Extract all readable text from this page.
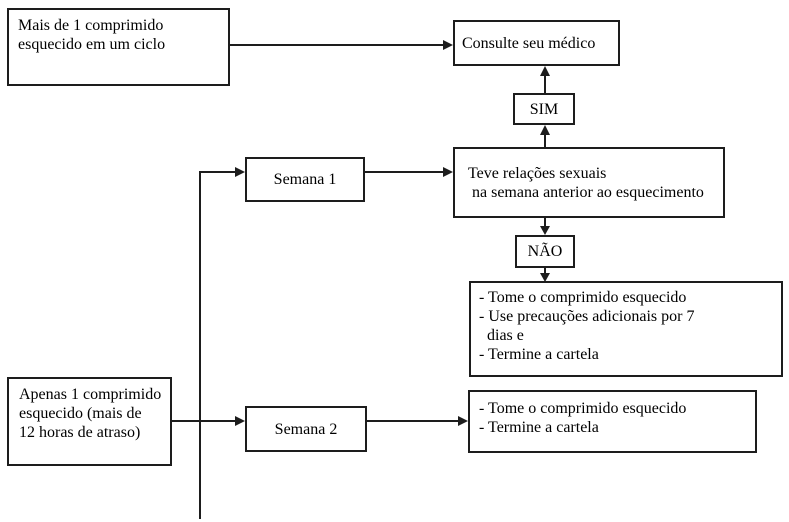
Mais de 1 comprimido
esquecido em um ciclo	Consulte seu médico
SIM
Semana 1	Teve relações sexuais
na semana anterior ao esquecimento
NÃO
- Tome o comprimido esquecido
- Use precauções adicionais por 7
dias e
- Termine a cartela
Apenas 1 comprimido
esquecido (mais de
12 horas de atraso)	Semana 2
- Tome o comprimido esquecido
- Termine a cartela
